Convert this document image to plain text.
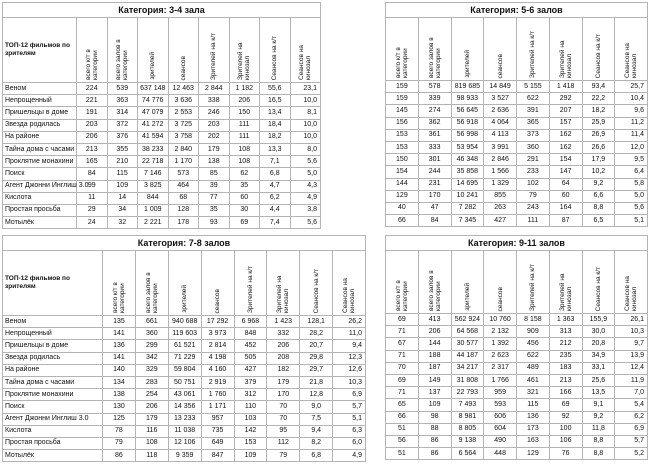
Категория: 3-4 зала								
ТОП-12 фильмов по зрителям	всего к/т в категории	всего залов в категории	зрителей	сеансов	Зрителей на к/т	Зрителей на кинозал	Сеансов на к/т	Сеансов на кинозал

Веном	224	539	637 148	12 463	2 844	1 182	55,6	23,1
Непрощенный	221	363	74 776	3 636	338	206	16,5	10,0
Пришельцы в доме	191	314	47 079	2 553	246	150	13,4	8,1
Звезда родилась	203	372	41 272	3 725	203	111	18,4	10,0
На районе	206	376	41 594	3 758	202	111	18,2	10,0
Тайна дома с часами	213	355	38 233	2 840	179	108	13,3	8,0
Проклятие монахини	165	210	22 718	1 170	138	108	7,1	5,6
Поиск	84	115	7 146	573	85	62	6,8	5,0
Агент Джонни Инглиш 3.0	99	109	3 825	464	39	35	4,7	4,3
Кислота	11	14	844	68	77	60	6,2	4,9
Простая просьба	29	34	1 009	128	35	30	4,4	3,8
Мотылёк	24	32	2 221	178	93	69	7,4	5,6
Категория: 5-6 залов							

всего к/т в категории	всего залов в категории	зрителей	сеансов	Зрителей на к/т	Зрителей на кинозал	Сеансов на к/т	Сеансов на кинозал

159	578	819 685	14 849	5 155	1 418	93,4	25,7
159	339	98 933	3 527	622	292	22,2	10,4
145	274	56 645	2 636	391	207	18,2	9,6
156	362	56 918	4 064	365	157	25,9	11,2
153	361	56 998	4 113	373	162	26,9	11,4
153	333	53 954	3 991	360	162	26,6	12,0
150	301	46 348	2 846	291	154	17,9	9,5
154	244	35 858	1 566	233	147	10,2	6,4
144	231	14 695	1 329	102	64	9,2	5,8
129	170	10 241	855	79	60	6,6	5,0
40	47	7 282	263	243	164	8,8	5,6
66	84	7 345	427	111	87	6,5	5,1
Категория: 7-8 залов								
ТОП-12 фильмов по зрителям	всего к/т в категории	всего залов в категории	зрителей	сеансов	Зрителей на к/т	Зрителей на кинозал	Сеансов на к/т	Сеансов на кинозал

Веном	135	661	940 688	17 292	6 968	1 423	128,1	26,2
Непрощенный	141	360	119 603	3 973	848	332	28,2	11,0
Пришельцы в доме	136	299	61 521	2 814	452	206	20,7	9,4
Звезда родилась	141	342	71 229	4 198	505	208	29,8	12,3
На районе	140	329	59 804	4 160	427	182	29,7	12,6
Тайна дома с часами	134	283	50 751	2 919	379	179	21,8	10,3
Проклятие монахини	138	254	43 061	1 760	312	170	12,8	6,9
Поиск	130	206	14 356	1 171	110	70	9,0	5,7
Агент Джонни Инглиш 3.0	125	179	13 233	957	103	70	7,5	5,1
Кислота	78	116	11 038	735	142	95	9,4	6,3
Простая просьба	79	108	12 106	649	153	112	8,2	6,0
Мотылёк	86	118	9 359	847	109	79	6,8	4,9
Категория: 9-11 залов							

всего к/т в категории	всего залов в категории	зрителей	сеансов	Зрителей на к/т	Зрителей на кинозал	Сеансов на к/т	Сеансов на кинозал

69	413	562 924	10 760	8 158	1 363	155,9	26,1
71	206	64 568	2 132	909	313	30,0	10,3
67	144	30 577	1 392	456	212	20,8	9,7
71	188	44 187	2 623	622	235	34,9	13,9
70	187	34 217	2 317	489	183	33,1	12,4
69	149	31 808	1 766	461	213	25,6	11,9
71	137	22 793	959	321	166	13,5	7,0
65	109	7 493	593	115	69	9,1	5,4
66	98	8 981	606	136	92	9,2	6,2
51	88	8 805	604	173	100	11,8	6,9
56	86	9 138	490	163	106	8,8	5,7
51	86	6 564	448	129	76	8,8	5,2
